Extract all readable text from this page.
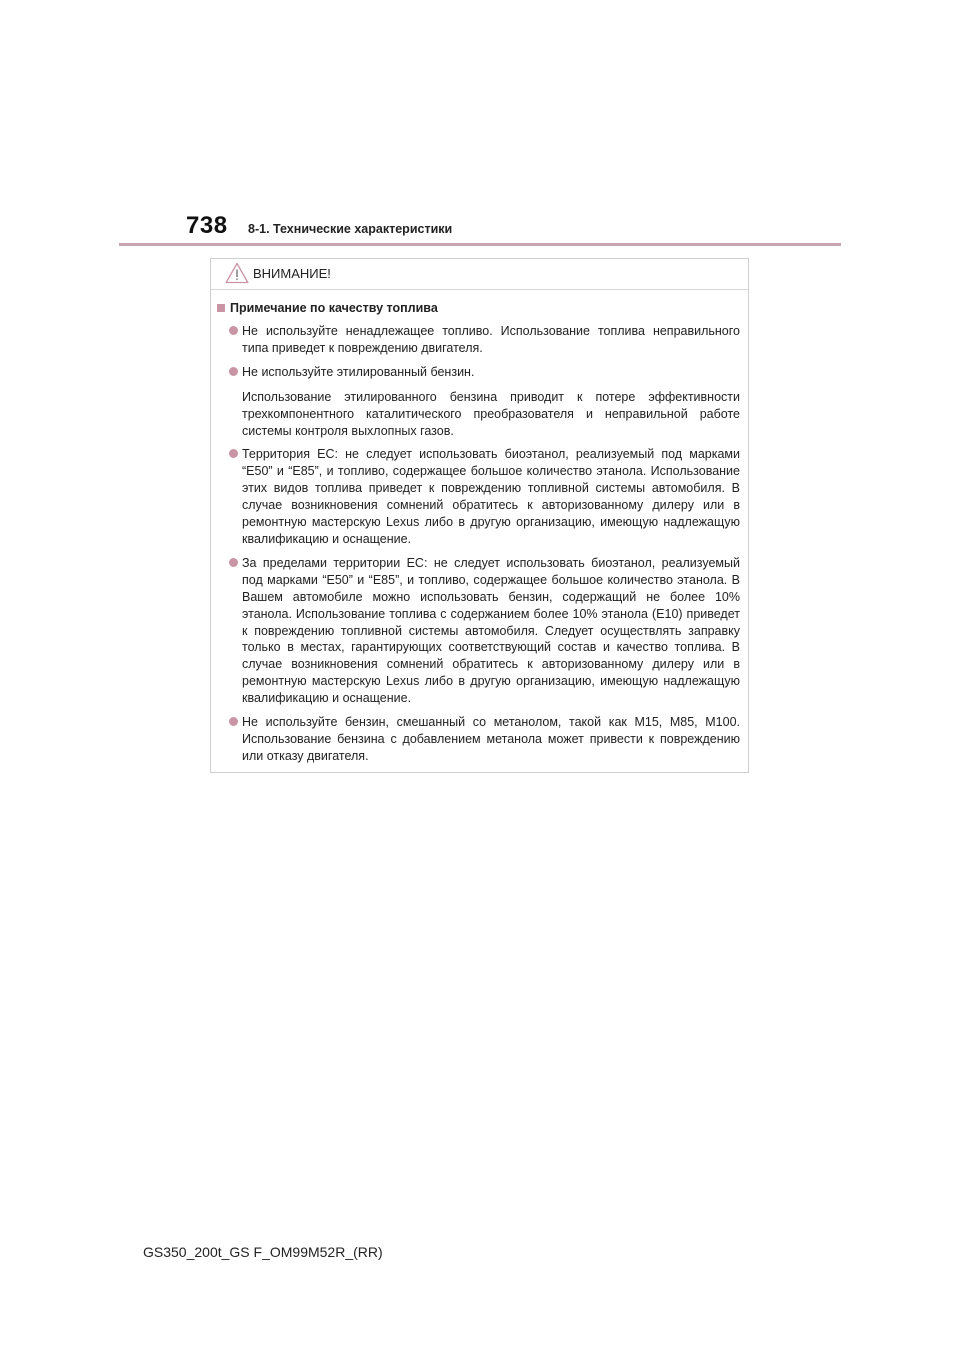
738 8-1. Технические характеристики
ВНИМАНИЕ!
Примечание по качеству топлива
Не используйте ненадлежащее топливо. Использование топлива неправильного типа приведет к повреждению двигателя.
Не используйте этилированный бензин.
Использование этилированного бензина приводит к потере эффективности трехкомпонентного каталитического преобразователя и неправильной работе системы контроля выхлопных газов.
Территория ЕС: не следует использовать биоэтанол, реализуемый под марками “E50” и “E85”, и топливо, содержащее большое количество этанола. Использование этих видов топлива приведет к повреждению топливной системы автомобиля. В случае возникновения сомнений обратитесь к авторизованному дилеру или в ремонтную мастерскую Lexus либо в другую организацию, имеющую надлежащую квалификацию и оснащение.
За пределами территории ЕС: не следует использовать биоэтанол, реализуемый под марками “E50” и “E85”, и топливо, содержащее большое количество этанола. В Вашем автомобиле можно использовать бензин, содержащий не более 10% этанола. Использование топлива с содержанием более 10% этанола (E10) приведет к повреждению топливной системы автомобиля. Следует осуществлять заправку только в местах, гарантирующих соответствующий состав и качество топлива. В случае возникновения сомнений обратитесь к авторизованному дилеру или в ремонтную мастерскую Lexus либо в другую организацию, имеющую надлежащую квалификацию и оснащение.
Не используйте бензин, смешанный со метанолом, такой как M15, M85, M100. Использование бензина с добавлением метанола может привести к повреждению или отказу двигателя.
GS350_200t_GS F_OM99M52R_(RR)
